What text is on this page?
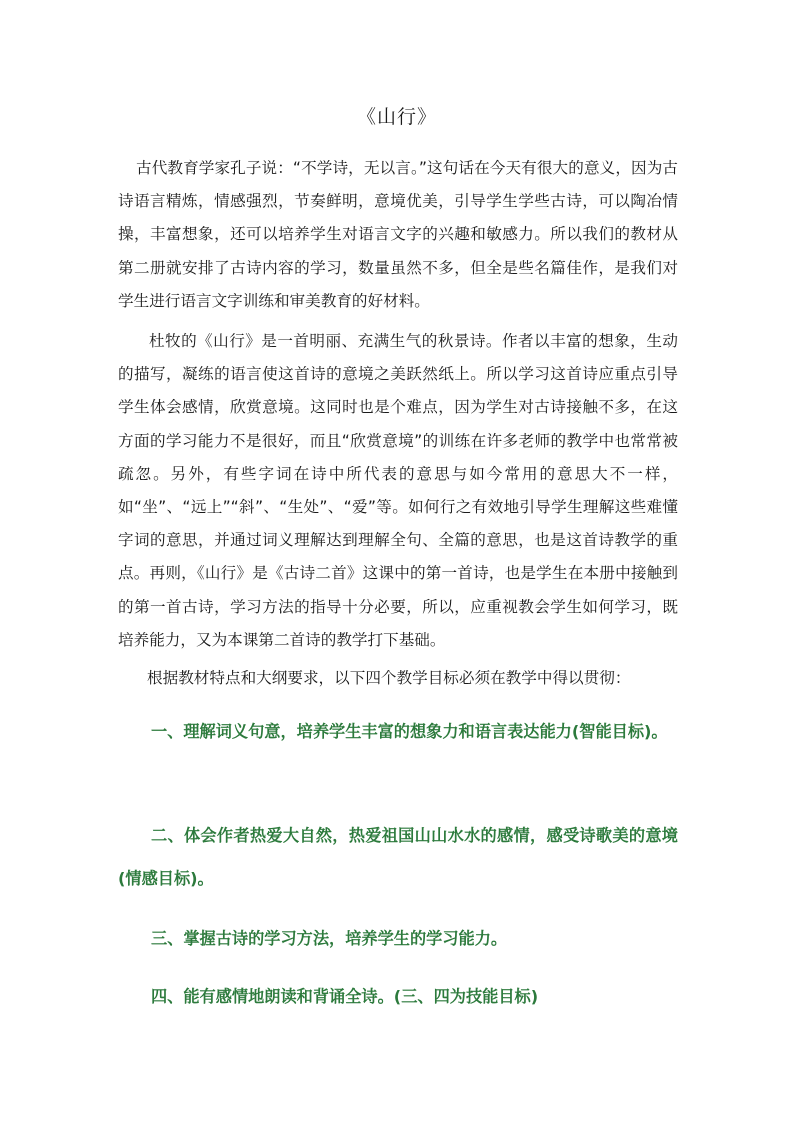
《山行》
古代教育学家孔子说：“不学诗，无以言。”这句话在今天有很大的意义，因为古诗语言精炼，情感强烈，节奏鲜明，意境优美，引导学生学些古诗，可以陶冶情操，丰富想象，还可以培养学生对语言文字的兴趣和敏感力。所以我们的教材从第二册就安排了古诗内容的学习，数量虽然不多，但全是些名篇佳作，是我们对学生进行语言文字训练和审美教育的好材料。
杜牧的《山行》是一首明丽、充满生气的秋景诗。作者以丰富的想象，生动的描写，凝练的语言使这首诗的意境之美跃然纸上。所以学习这首诗应重点引导学生体会感情，欣赏意境。这同时也是个难点，因为学生对古诗接触不多，在这方面的学习能力不是很好，而且“欣赏意境”的训练在许多老师的教学中也常常被疏忽。另外，有些字词在诗中所代表的意思与如今常用的意思大不一样，如“坐”、“远上”“斜”、“生处”、“爱”等。如何行之有效地引导学生理解这些难懂字词的意思，并通过词义理解达到理解全句、全篇的意思，也是这首诗教学的重点。再则，《山行》是《古诗二首》这课中的第一首诗，也是学生在本册中接触到的第一首古诗，学习方法的指导十分必要，所以，应重视教会学生如何学习，既培养能力，又为本课第二首诗的教学打下基础。
根据教材特点和大纲要求，以下四个教学目标必须在教学中得以贯彻：
一、理解词义句意，培养学生丰富的想象力和语言表达能力(智能目标)。
二、体会作者热爱大自然，热爱祖国山山水水的感情，感受诗歌美的意境(情感目标)。
三、掌握古诗的学习方法，培养学生的学习能力。
四、能有感情地朗读和背诵全诗。(三、四为技能目标)
